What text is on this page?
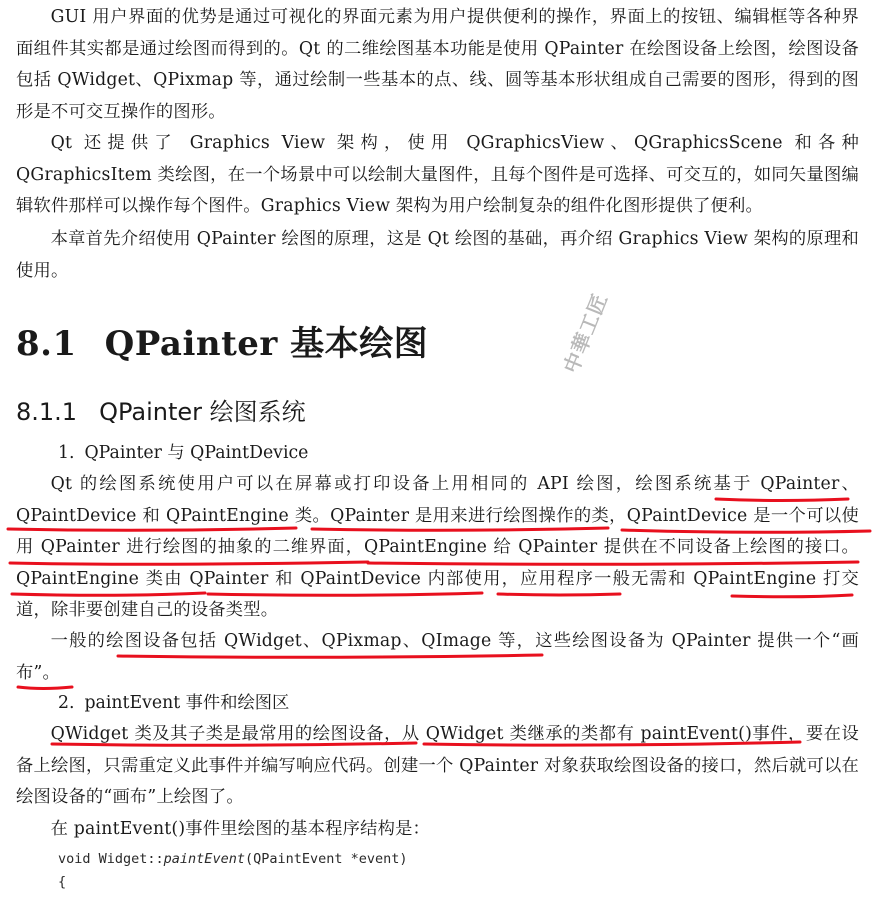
GUI 用户界面的优势是通过可视化的界面元素为用户提供便利的操作，界面上的按钮、编辑框等各种界面组件其实都是通过绘图而得到的。Qt 的二维绘图基本功能是使用 QPainter 在绘图设备上绘图，绘图设备包括 QWidget、QPixmap 等，通过绘制一些基本的点、线、圆等基本形状组成自己需要的图形，得到的图形是不可交互操作的图形。

Qt 还提供了 Graphics View 架构，使用 QGraphicsView、QGraphicsScene 和各种 QGraphicsItem 类绘图，在一个场景中可以绘制大量图件，且每个图件是可选择、可交互的，如同矢量图编辑软件那样可以操作每个图件。Graphics View 架构为用户绘制复杂的组件化图形提供了便利。

本章首先介绍使用 QPainter 绘图的原理，这是 Qt 绘图的基础，再介绍 Graphics View 架构的原理和使用。

8.1 QPainter 基本绘图	中華工匠
8.1.1 QPainter 绘图系统

1. QPainter 与 QPaintDevice

Qt 的绘图系统使用户可以在屏幕或打印设备上用相同的 API 绘图，绘图系统基于 QPainter、QPaintDevice 和 QPaintEngine 类。QPainter 是用来进行绘图操作的类，QPaintDevice 是一个可以使用 QPainter 进行绘图的抽象的二维界面，QPaintEngine 给 QPainter 提供在不同设备上绘图的接口。QPaintEngine 类由 QPainter 和 QPaintDevice 内部使用，应用程序一般无需和 QPaintEngine 打交道，除非要创建自己的设备类型。

一般的绘图设备包括 QWidget、QPixmap、QImage 等，这些绘图设备为 QPainter 提供一个“画布”。

2. paintEvent 事件和绘图区

QWidget 类及其子类是最常用的绘图设备，从 QWidget 类继承的类都有 paintEvent()事件，要在设备上绘图，只需重定义此事件并编写响应代码。创建一个 QPainter 对象获取绘图设备的接口，然后就可以在绘图设备的“画布”上绘图了。

在 paintEvent()事件里绘图的基本程序结构是：

void Widget::paintEvent(QPaintEvent *event)
{
